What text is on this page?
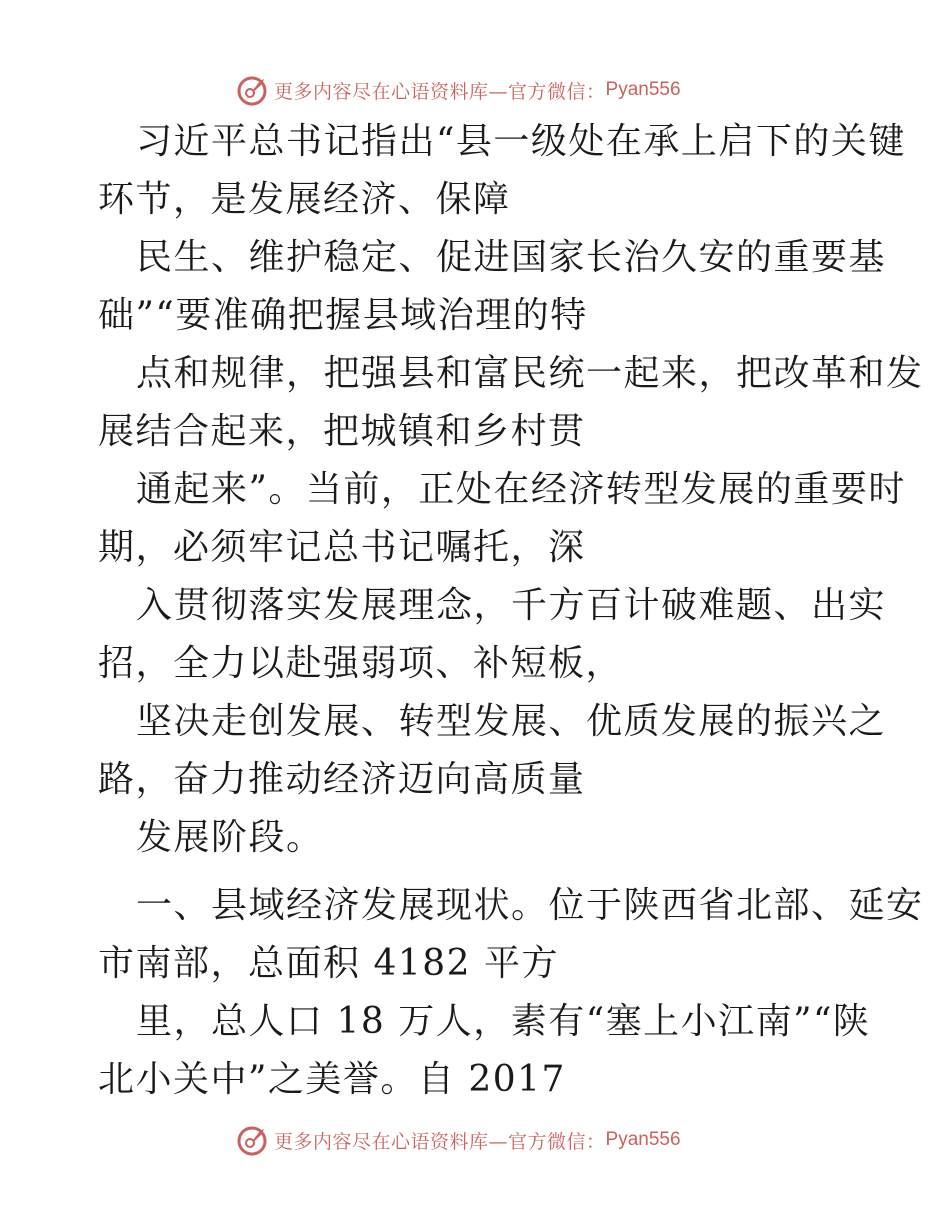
更多内容尽在心语资料库—官方微信： Pyan556
习近平总书记指出“县一级处在承上启下的关键
环节，是发展经济、保障
民生、维护稳定、促进国家长治久安的重要基
础”“要准确把握县域治理的特
点和规律，把强县和富民统一起来，把改革和发
展结合起来，把城镇和乡村贯
通起来”。当前，正处在经济转型发展的重要时
期，必须牢记总书记嘱托，深
入贯彻落实发展理念，千方百计破难题、出实
招，全力以赴强弱项、补短板，
坚决走创发展、转型发展、优质发展的振兴之
路，奋力推动经济迈向高质量
发展阶段。
一、县域经济发展现状。位于陕西省北部、延安
市南部，总面积 4182 平方
里，总人口 18 万人，素有“塞上小江南”“陕
北小关中”之美誉。自 2017
更多内容尽在心语资料库—官方微信： Pyan556
